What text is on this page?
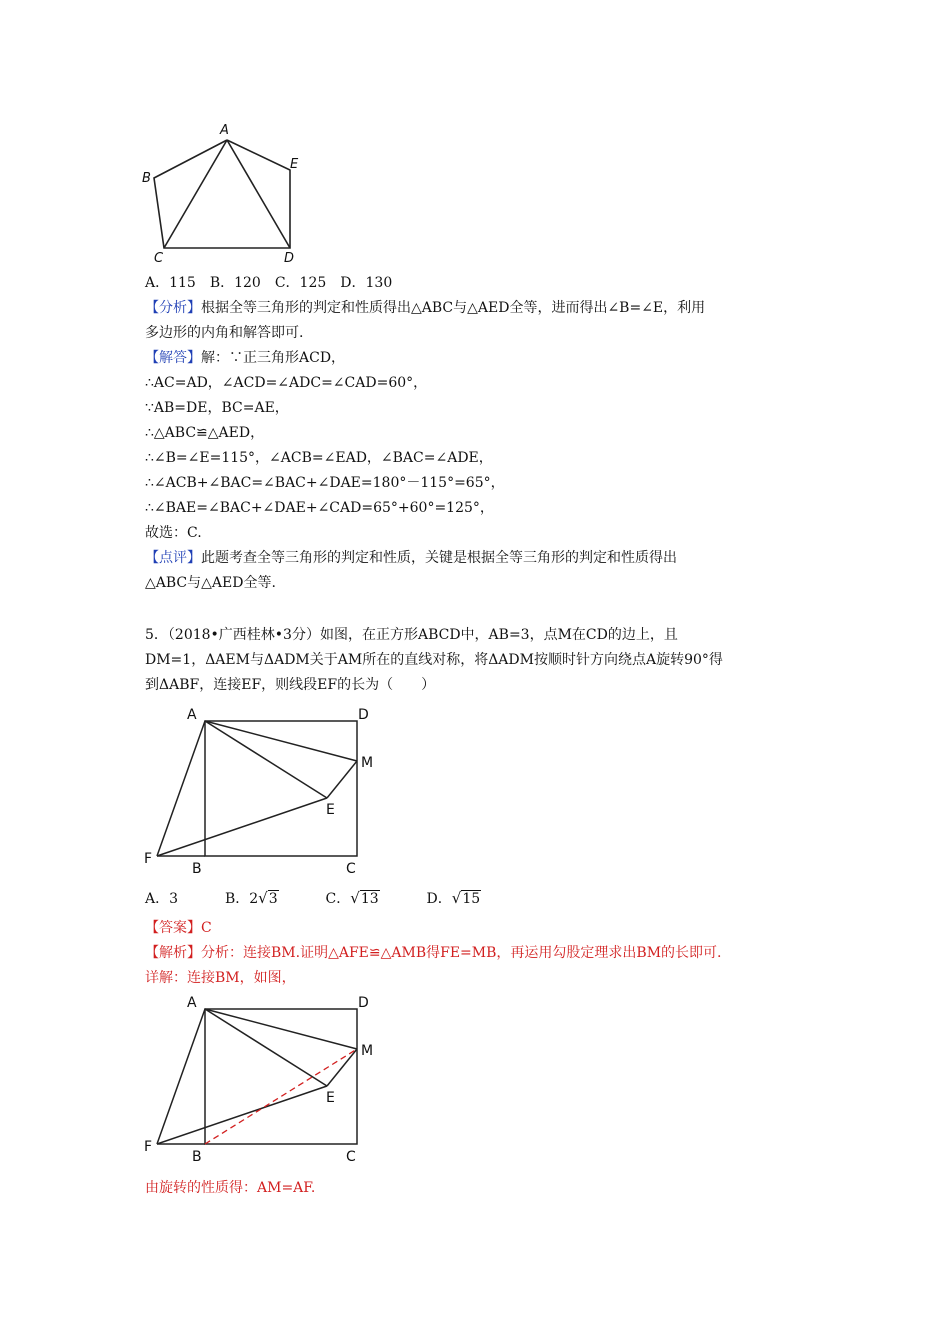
A
B
C	D
E
A．115　B．120　C．125　D．130
【分析】根据全等三角形的判定和性质得出△ABC与△AED全等，进而得出∠B=∠E，利用
多边形的内角和解答即可.
【解答】解：∵正三角形ACD，
∴AC=AD，∠ACD=∠ADC=∠CAD=60°，
∵AB=DE，BC=AE，
∴△ABC≌△AED，
∴∠B=∠E=115°，∠ACB=∠EAD，∠BAC=∠ADE，
∴∠ACB+∠BAC=∠BAC+∠DAE=180°－115°=65°，
∴∠BAE=∠BAC+∠DAE+∠CAD=65°+60°=125°，
故选：C.
【点评】此题考查全等三角形的判定和性质，关键是根据全等三角形的判定和性质得出
△ABC与△AED全等.
5．（2018•广西桂林•3分）如图，在正方形ABCD中，AB=3，点M在CD的边上，且
DM=1，ΔAEM与ΔADM关于AM所在的直线对称，将ΔADM按顺时针方向绕点A旋转90°得
到ΔABF，连接EF，则线段EF的长为（　　）
A	D
M
E
F
B	C
A．3	B．2√3	C．√13	D．√15
【答案】C
【解析】分析：连接BM.证明△AFE≌△AMB得FE=MB，再运用勾股定理求出BM的长即可.
详解：连接BM，如图，
A	D
M
E
F
B	C
由旋转的性质得：AM=AF.
